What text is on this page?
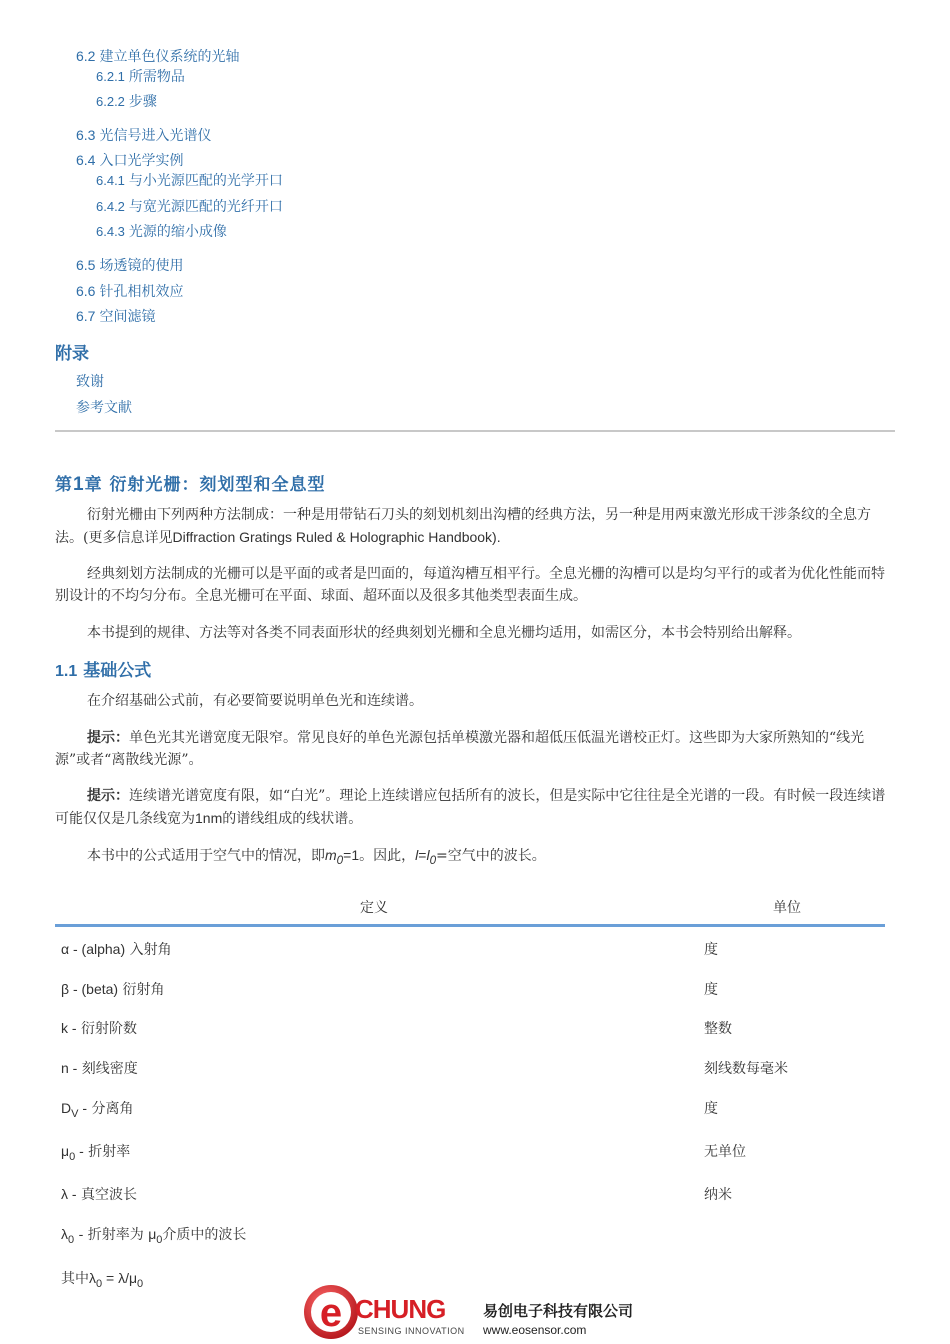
6.2 建立单色仪系统的光轴
6.2.1 所需物品
6.2.2 步骤
6.3 光信号进入光谱仪
6.4 入口光学实例
6.4.1 与小光源匹配的光学开口
6.4.2 与宽光源匹配的光纤开口
6.4.3 光源的缩小成像
6.5 场透镜的使用
6.6 针孔相机效应
6.7 空间滤镜
附录
致谢
参考文献
第1章 衍射光栅：刻划型和全息型
衍射光栅由下列两种方法制成：一种是用带钻石刀头的刻划机刻出沟槽的经典方法，另一种是用两束激光形成干涉条纹的全息方法。(更多信息详见Diffraction Gratings Ruled & Holographic Handbook).
经典刻划方法制成的光栅可以是平面的或者是凹面的，每道沟槽互相平行。全息光栅的沟槽可以是均匀平行的或者为优化性能而特别设计的不均匀分布。全息光栅可在平面、球面、超环面以及很多其他类型表面生成。
本书提到的规律、方法等对各类不同表面形状的经典刻划光栅和全息光栅均适用，如需区分，本书会特别给出解释。
1.1 基础公式
在介绍基础公式前，有必要简要说明单色光和连续谱。
提示：单色光其光谱宽度无限窄。常见良好的单色光源包括单模激光器和超低压低温光谱校正灯。这些即为大家所熟知的“线光源”或者“离散线光源”。
提示：连续谱光谱宽度有限，如“白光”。理论上连续谱应包括所有的波长，但是实际中它往往是全光谱的一段。有时候一段连续谱可能仅仅是几条线宽为1nm的谱线组成的线状谱。
本书中的公式适用于空气中的情况，即$m_0=1$。因此，$l=l_0=$空气中的波长。
定义	单位
α - (alpha) 入射角	度
β - (beta) 衍射角	度
k - 衍射阶数	整数
n - 刻线密度	刻线数每毫米
$D_V$ - 分离角	度
$\mu_0$ - 折射率	无单位
λ - 真空波长	纳米
$\lambda_0$ - 折射率为 $\mu_0$介质中的波长
其中$\lambda_0 = \lambda/\mu_0$
e CHUNG
SENSING INNOVATION
易创电子科技有限公司
www.eosensor.com
